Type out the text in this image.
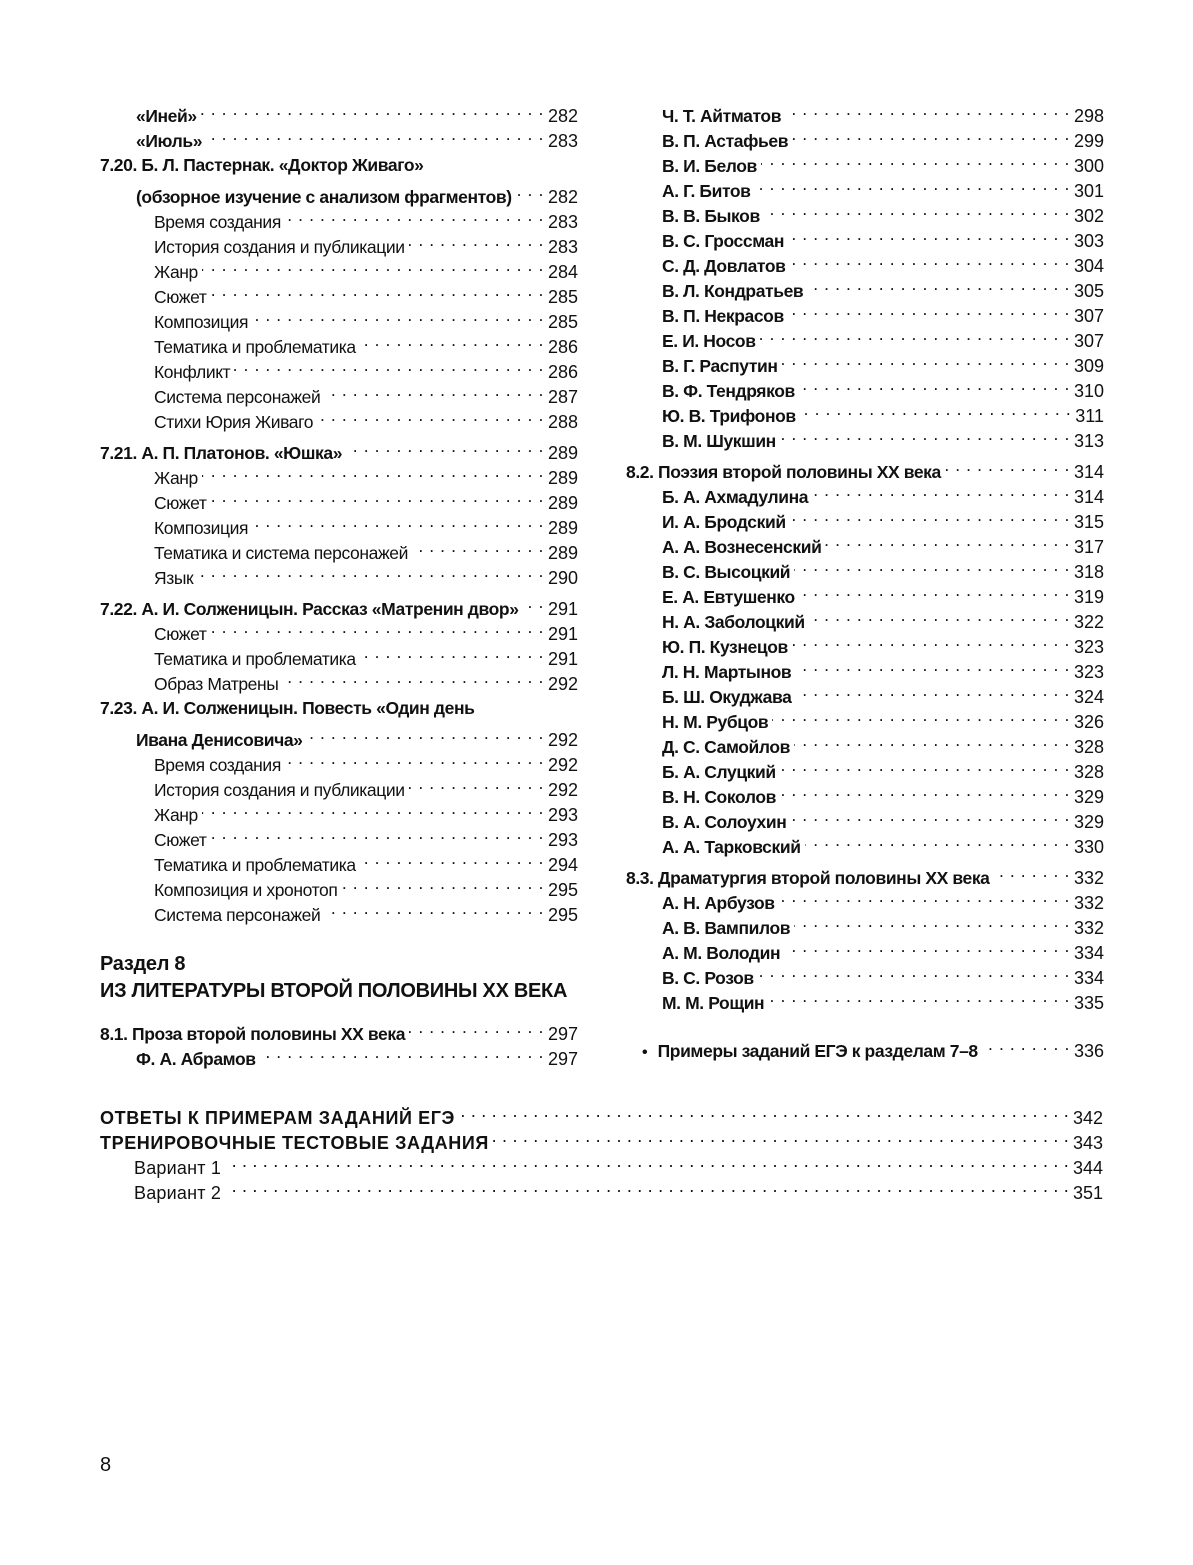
«Иней» . . .	282
«Июль» . . .	283
7.20. Б. Л. Пастернак. «Доктор Живаго»
(обзорное изучение с анализом фрагментов) . . . 282
Время создания . . .	283
История создания и публикации . . .	283
Жанр . . .	284
Сюжет . . .	285
Композиция . . .	285
Тематика и проблематика . . .	286
Конфликт . . .	286
Система персонажей . . .	287
Стихи Юрия Живаго . . .	288
7.21. А. П. Платонов. «Юшка» . . .	289
Жанр . . .	289
Сюжет . . .	289
Композиция . . .	289
Тематика и система персонажей . . .	289
Язык . . .	290
7.22. А. И. Солженицын. Рассказ «Матренин двор» . . . 291
Сюжет . . .	291
Тематика и проблематика . . .	291
Образ Матрены . . .	292
7.23. А. И. Солженицын. Повесть «Один день
Ивана Денисовича» . . .	292
Время создания . . .	292
История создания и публикации . . .	292
Жанр . . .	293
Сюжет . . .	293
Тематика и проблематика . . .	294
Композиция и хронотоп . . .	295
Система персонажей . . .	295
Раздел 8
ИЗ ЛИТЕРАТУРЫ ВТОРОЙ ПОЛОВИНЫ XX ВЕКА
8.1. Проза второй половины XX века . . .	297
Ф. А. Абрамов . . .	297
Ч. Т. Айтматов . . .	298
В. П. Астафьев . . .	299
В. И. Белов . . .	300
А. Г. Битов . . .	301
В. В. Быков . . .	302
В. С. Гроссман . . .	303
С. Д. Довлатов . . .	304
В. Л. Кондратьев . . .	305
В. П. Некрасов . . .	307
Е. И. Носов . . .	307
В. Г. Распутин . . .	309
В. Ф. Тендряков . . .	310
Ю. В. Трифонов . . .	311
В. М. Шукшин . . .	313
8.2. Поэзия второй половины XX века . . .	314
Б. А. Ахмадулина . . .	314
И. А. Бродский . . .	315
А. А. Вознесенский . . .	317
В. С. Высоцкий . . .	318
Е. А. Евтушенко . . .	319
Н. А. Заболоцкий . . .	322
Ю. П. Кузнецов . . .	323
Л. Н. Мартынов . . .	323
Б. Ш. Окуджава . . .	324
Н. М. Рубцов . . .	326
Д. С. Самойлов . . .	328
Б. А. Слуцкий . . .	328
В. Н. Соколов . . .	329
В. А. Солоухин . . .	329
А. А. Тарковский . . .	330
8.3. Драматургия второй половины XX века . . .	332
А. Н. Арбузов . . .	332
А. В. Вампилов . . .	332
А. М. Володин . . .	334
В. С. Розов . . .	334
М. М. Рощин . . .	335
• Примеры заданий ЕГЭ к разделам 7–8 . . .	336
ОТВЕТЫ К ПРИМЕРАМ ЗАДАНИЙ ЕГЭ . . .	342
ТРЕНИРОВОЧНЫЕ ТЕСТОВЫЕ ЗАДАНИЯ . . .	343
Вариант 1 . . .	344
Вариант 2 . . .	351
8
